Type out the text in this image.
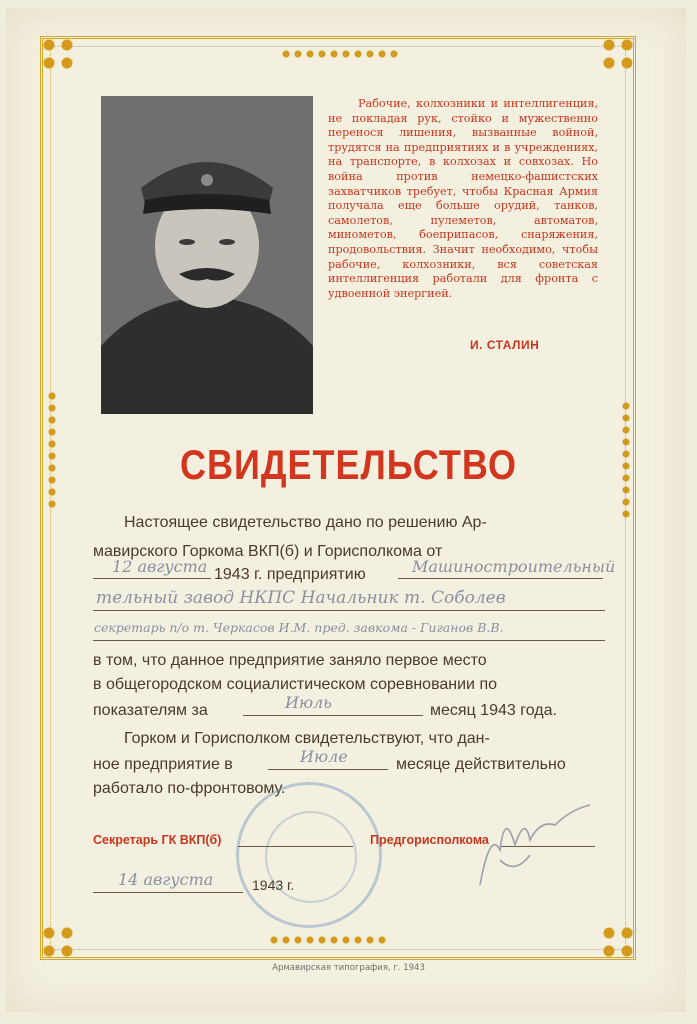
Рабочие, колхозники и интеллигенция, не покладая рук, стойко и мужественно перенося лишения, вызванные войной, трудятся на предприятиях и в учреждениях, на транспорте, в колхозах и совхозах. Но война против немецко-фашистских захватчиков требует, чтобы Красная Армия получала еще больше орудий, танков, самолетов, пулеметов, автоматов, минометов, боеприпасов, снаряжения, продовольствия. Значит необходимо, чтобы рабочие, колхозники, вся советская интеллигенция работали для фронта с удвоенной энергией.

И. СТАЛИН
СВИДЕТЕЛЬСТВО
Настоящее свидетельство дано по решению Ар-
мавирского Горкома ВКП(б) и Горисполкома от
12 августа 1943 г. предприятию	Машиностроительный
тельный завод НКПС Начальник т. Соболев
секретарь п/о т. Черкасов И.М. пред. завкома - Гиганов В.В.
в том, что данное предприятие заняло первое место
в общегородском социалистическом соревновании по
показателям за	Июль	месяц 1943 года.
Горком и Горисполком свидетельствуют, что дан-
ное предприятие в	Июле	месяце действительно
работало по-фронтовому.
Секретарь ГК ВКП(б)	Предгорисполкома
14 августа	1943 г.
Армавирская типография, г. 1943
